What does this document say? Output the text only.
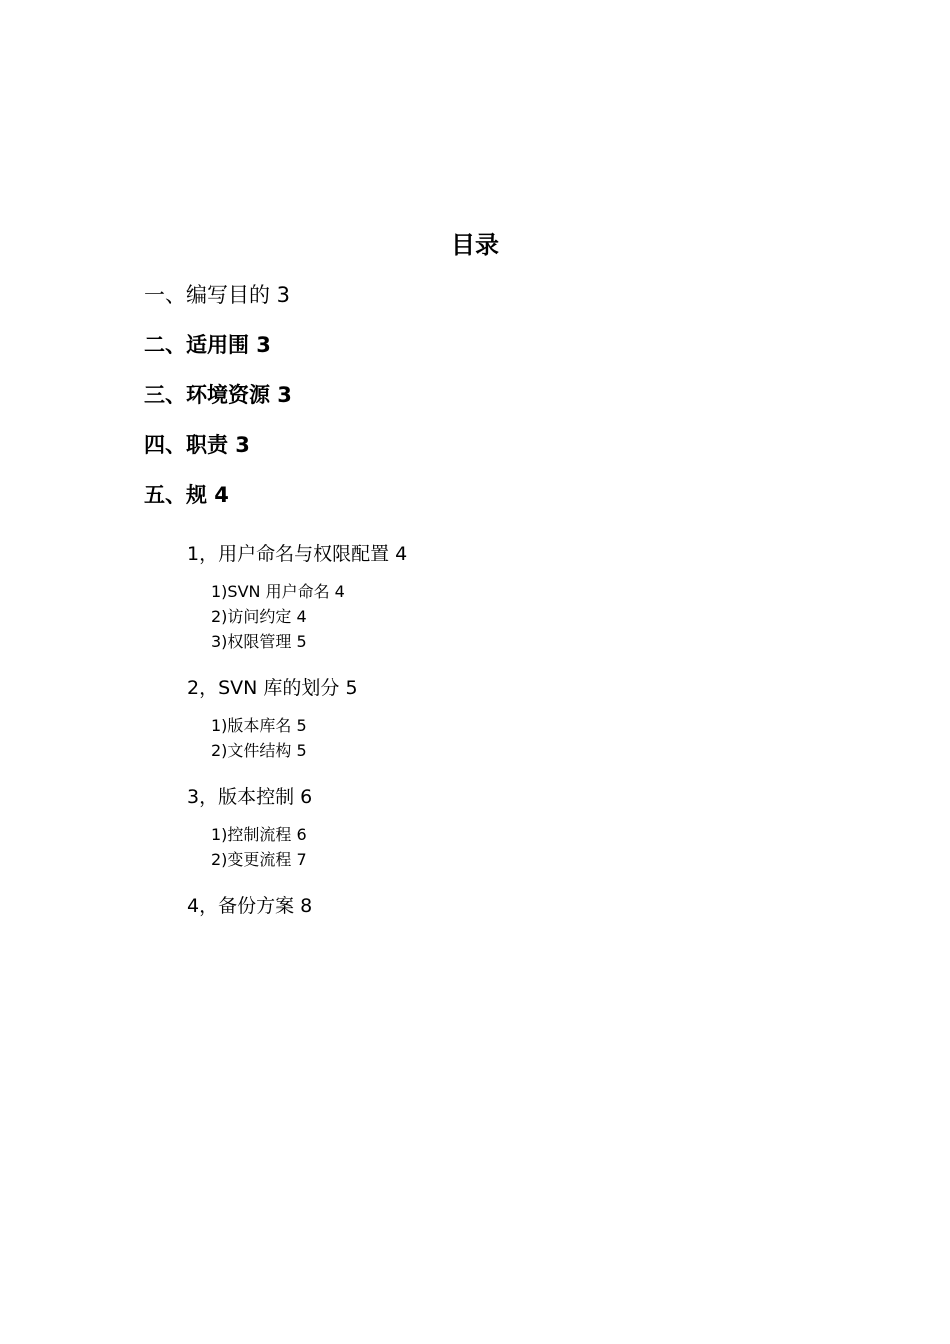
目录
一、编写目的 3
二、适用围 3
三、环境资源 3
四、职责 3
五、规 4
1，用户命名与权限配置 4
1)SVN 用户命名 4
2)访问约定 4
3)权限管理 5
2，SVN 库的划分 5
1)版本库名 5
2)文件结构 5
3，版本控制 6
1)控制流程 6
2)变更流程 7
4，备份方案 8
